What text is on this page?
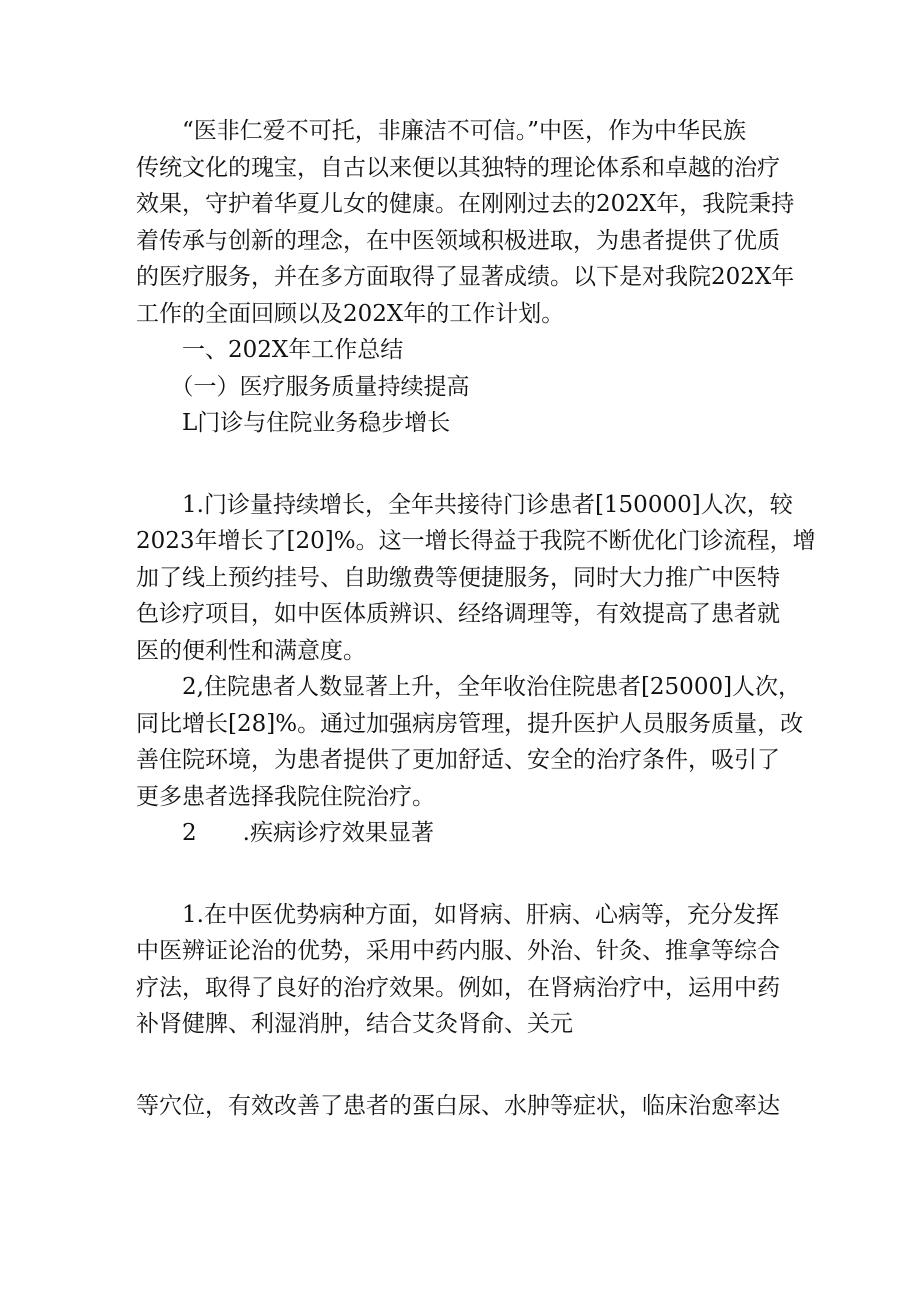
　　“医非仁爱不可托，非廉洁不可信。”中医，作为中华民族
传统文化的瑰宝，自古以来便以其独特的理论体系和卓越的治疗
效果，守护着华夏儿女的健康。在刚刚过去的202X年，我院秉持
着传承与创新的理念，在中医领域积极进取，为患者提供了优质
的医疗服务，并在多方面取得了显著成绩。以下是对我院202X年
工作的全面回顾以及202X年的工作计划。
　　一、202X年工作总结
　　（一）医疗服务质量持续提高
　　L门诊与住院业务稳步增长
　　1.门诊量持续增长，全年共接待门诊患者[150000]人次，较
2023年增长了[20]%。这一增长得益于我院不断优化门诊流程，增
加了线上预约挂号、自助缴费等便捷服务，同时大力推广中医特
色诊疗项目，如中医体质辨识、经络调理等，有效提高了患者就
医的便利性和满意度。
　　2,住院患者人数显著上升，全年收治住院患者[25000]人次，
同比增长[28]%。通过加强病房管理，提升医护人员服务质量，改
善住院环境，为患者提供了更加舒适、安全的治疗条件，吸引了
更多患者选择我院住院治疗。
　　2　　.疾病诊疗效果显著
　　1.在中医优势病种方面，如肾病、肝病、心病等，充分发挥
中医辨证论治的优势，采用中药内服、外治、针灸、推拿等综合
疗法，取得了良好的治疗效果。例如，在肾病治疗中，运用中药
补肾健脾、利湿消肿，结合艾灸肾俞、关元
等穴位，有效改善了患者的蛋白尿、水肿等症状，临床治愈率达
